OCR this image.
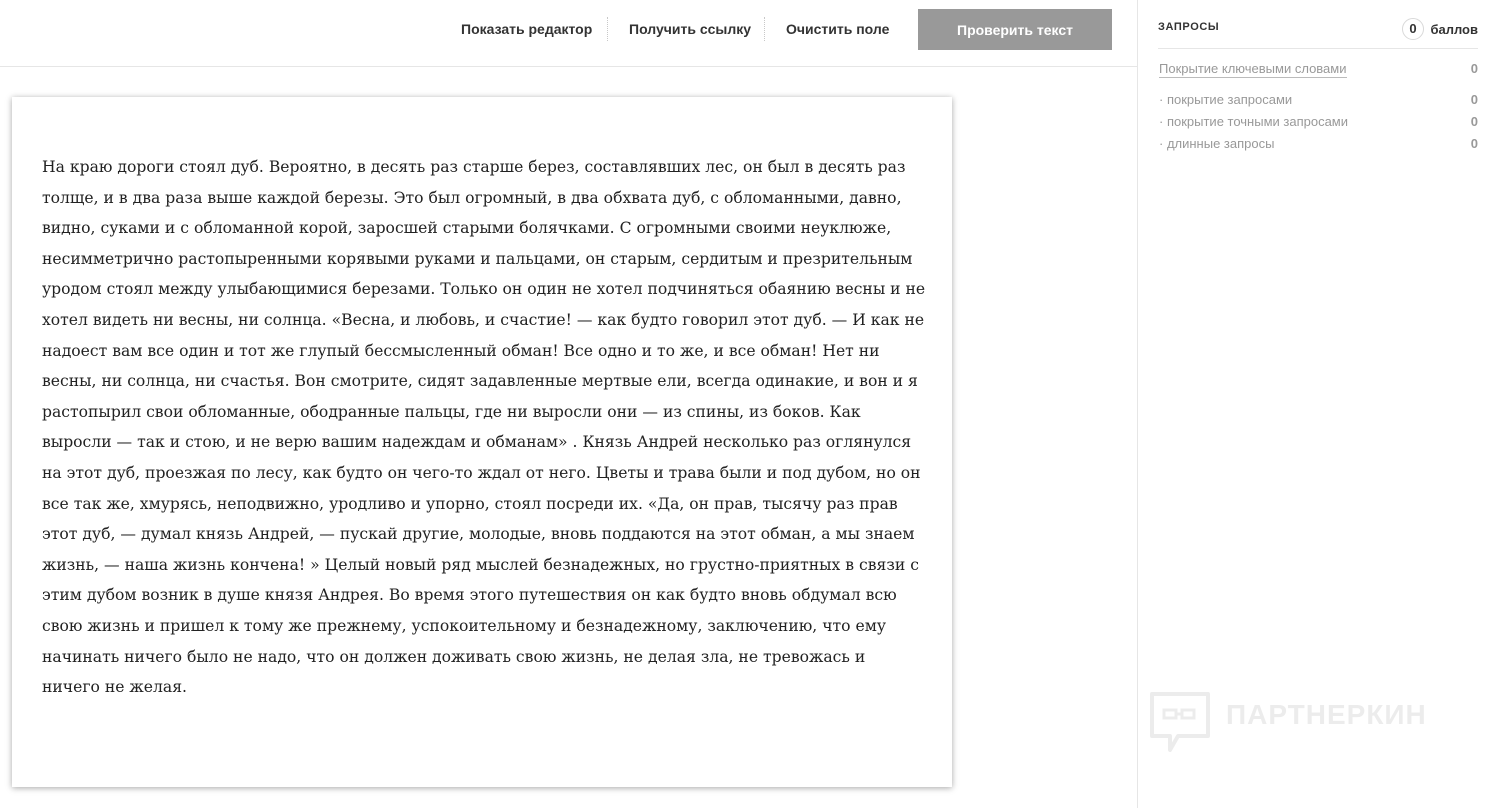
Показать редактор	Получить ссылку Очистить поле	Проверить текст

На краю дороги стоял дуб. Вероятно, в десять раз старше берез, составлявших лес, он был в десять раз толще, и в два раза выше каждой березы. Это был огромный, в два обхвата дуб, с обломанными, давно, видно, суками и с обломанной корой, заросшей старыми болячками. С огромными своими неуклюже, несимметрично растопыренными корявыми руками и пальцами, он старым, сердитым и презрительным уродом стоял между улыбающимися березами. Только он один не хотел подчиняться обаянию весны и не хотел видеть ни весны, ни солнца. «Весна, и любовь, и счастие! — как будто говорил этот дуб. — И как не надоест вам все один и тот же глупый бессмысленный обман! Все одно и то же, и все обман! Нет ни весны, ни солнца, ни счастья. Вон смотрите, сидят задавленные мертвые ели, всегда одинакие, и вон и я растопырил свои обломанные, ободранные пальцы, где ни выросли они — из спины, из боков. Как выросли — так и стою, и не верю вашим надеждам и обманам» . Князь Андрей несколько раз оглянулся на этот дуб, проезжая по лесу, как будто он чего-то ждал от него. Цветы и трава были и под дубом, но он все так же, хмурясь, неподвижно, уродливо и упорно, стоял посреди их. «Да, он прав, тысячу раз прав этот дуб, — думал князь Андрей, — пускай другие, молодые, вновь поддаются на этот обман, а мы знаем жизнь, — наша жизнь кончена! » Целый новый ряд мыслей безнадежных, но грустно-приятных в связи с этим дубом возник в душе князя Андрея. Во время этого путешествия он как будто вновь обдумал всю свою жизнь и пришел к тому же прежнему, успокоительному и безнадежному, заключению, что ему начинать ничего было не надо, что он должен доживать свою жизнь, не делая зла, не тревожась и ничего не желая.

ЗАПРОСЫ	0 баллов
Покрытие ключевыми словами	0
· покрытие запросами	0
· покрытие точными запросами	0
· длинные запросы	0
ПАРТНЕРКИН
